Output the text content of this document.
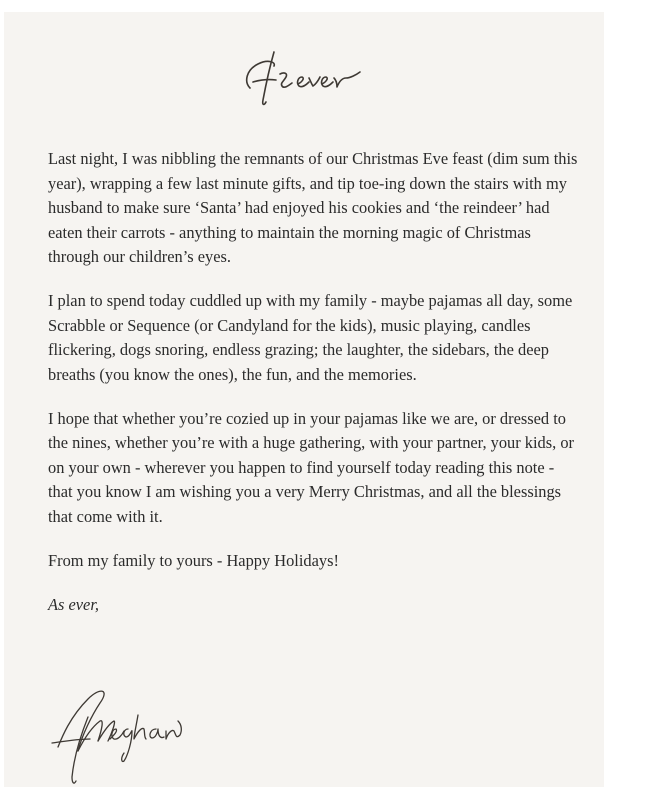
Last night, I was nibbling the remnants of our Christmas Eve feast (dim sum this year), wrapping a few last minute gifts, and tip toe-ing down the stairs with my husband to make sure ‘Santa’ had enjoyed his cookies and ‘the reindeer’ had eaten their carrots - anything to maintain the morning magic of Christmas through our children’s eyes.

I plan to spend today cuddled up with my family - maybe pajamas all day, some Scrabble or Sequence (or Candyland for the kids), music playing, candles flickering, dogs snoring, endless grazing; the laughter, the sidebars, the deep breaths (you know the ones), the fun, and the memories.

I hope that whether you’re cozied up in your pajamas like we are, or dressed to the nines, whether you’re with a huge gathering, with your partner, your kids, or on your own - wherever you happen to find yourself today reading this note - that you know I am wishing you a very Merry Christmas, and all the blessings that come with it.

From my family to yours - Happy Holidays!

As ever,
